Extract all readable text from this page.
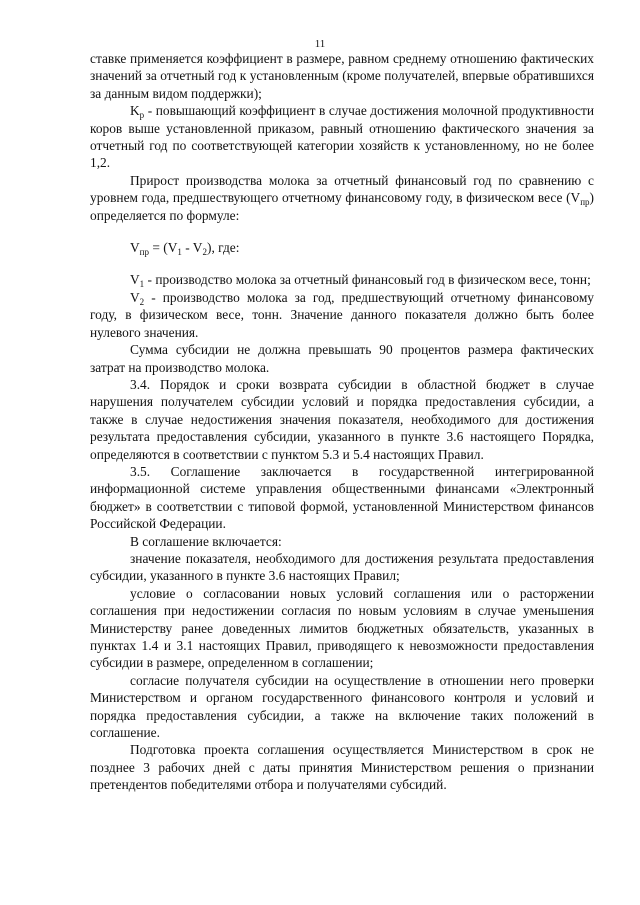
11

ставке применяется коэффициент в размере, равном среднему отношению фактических значений за отчетный год к установленным (кроме получателей, впервые обратившихся за данным видом поддержки);

$K_p$ - повышающий коэффициент в случае достижения молочной продуктивности коров выше установленной приказом, равный отношению фактического значения за отчетный год по соответствующей категории хозяйств к установленному, но не более 1,2.

Прирост производства молока за отчетный финансовый год по сравнению с уровнем года, предшествующего отчетному финансовому году, в физическом весе $(V_{пр})$ определяется по формуле:

$V_{пр} = (V_1 - V_2)$, где:

$V_1$ - производство молока за отчетный финансовый год в физическом весе, тонн;

$V_2$ - производство молока за год, предшествующий отчетному финансовому году, в физическом весе, тонн. Значение данного показателя должно быть более нулевого значения.

Сумма субсидии не должна превышать 90 процентов размера фактических затрат на производство молока.

3.4. Порядок и сроки возврата субсидии в областной бюджет в случае нарушения получателем субсидии условий и порядка предоставления субсидии, а также в случае недостижения значения показателя, необходимого для достижения результата предоставления субсидии, указанного в пункте 3.6 настоящего Порядка, определяются в соответствии с пунктом 5.3 и 5.4 настоящих Правил.

3.5. Соглашение заключается в государственной интегрированной информационной системе управления общественными финансами «Электронный бюджет» в соответствии с типовой формой, установленной Министерством финансов Российской Федерации.

В соглашение включается:

значение показателя, необходимого для достижения результата предоставления субсидии, указанного в пункте 3.6 настоящих Правил;

условие о согласовании новых условий соглашения или о расторжении соглашения при недостижении согласия по новым условиям в случае уменьшения Министерству ранее доведенных лимитов бюджетных обязательств, указанных в пунктах 1.4 и 3.1 настоящих Правил, приводящего к невозможности предоставления субсидии в размере, определенном в соглашении;

согласие получателя субсидии на осуществление в отношении него проверки Министерством и органом государственного финансового контроля и условий и порядка предоставления субсидии, а также на включение таких положений в соглашение.

Подготовка проекта соглашения осуществляется Министерством в срок не позднее 3 рабочих дней с даты принятия Министерством решения о признании претендентов победителями отбора и получателями субсидий.
